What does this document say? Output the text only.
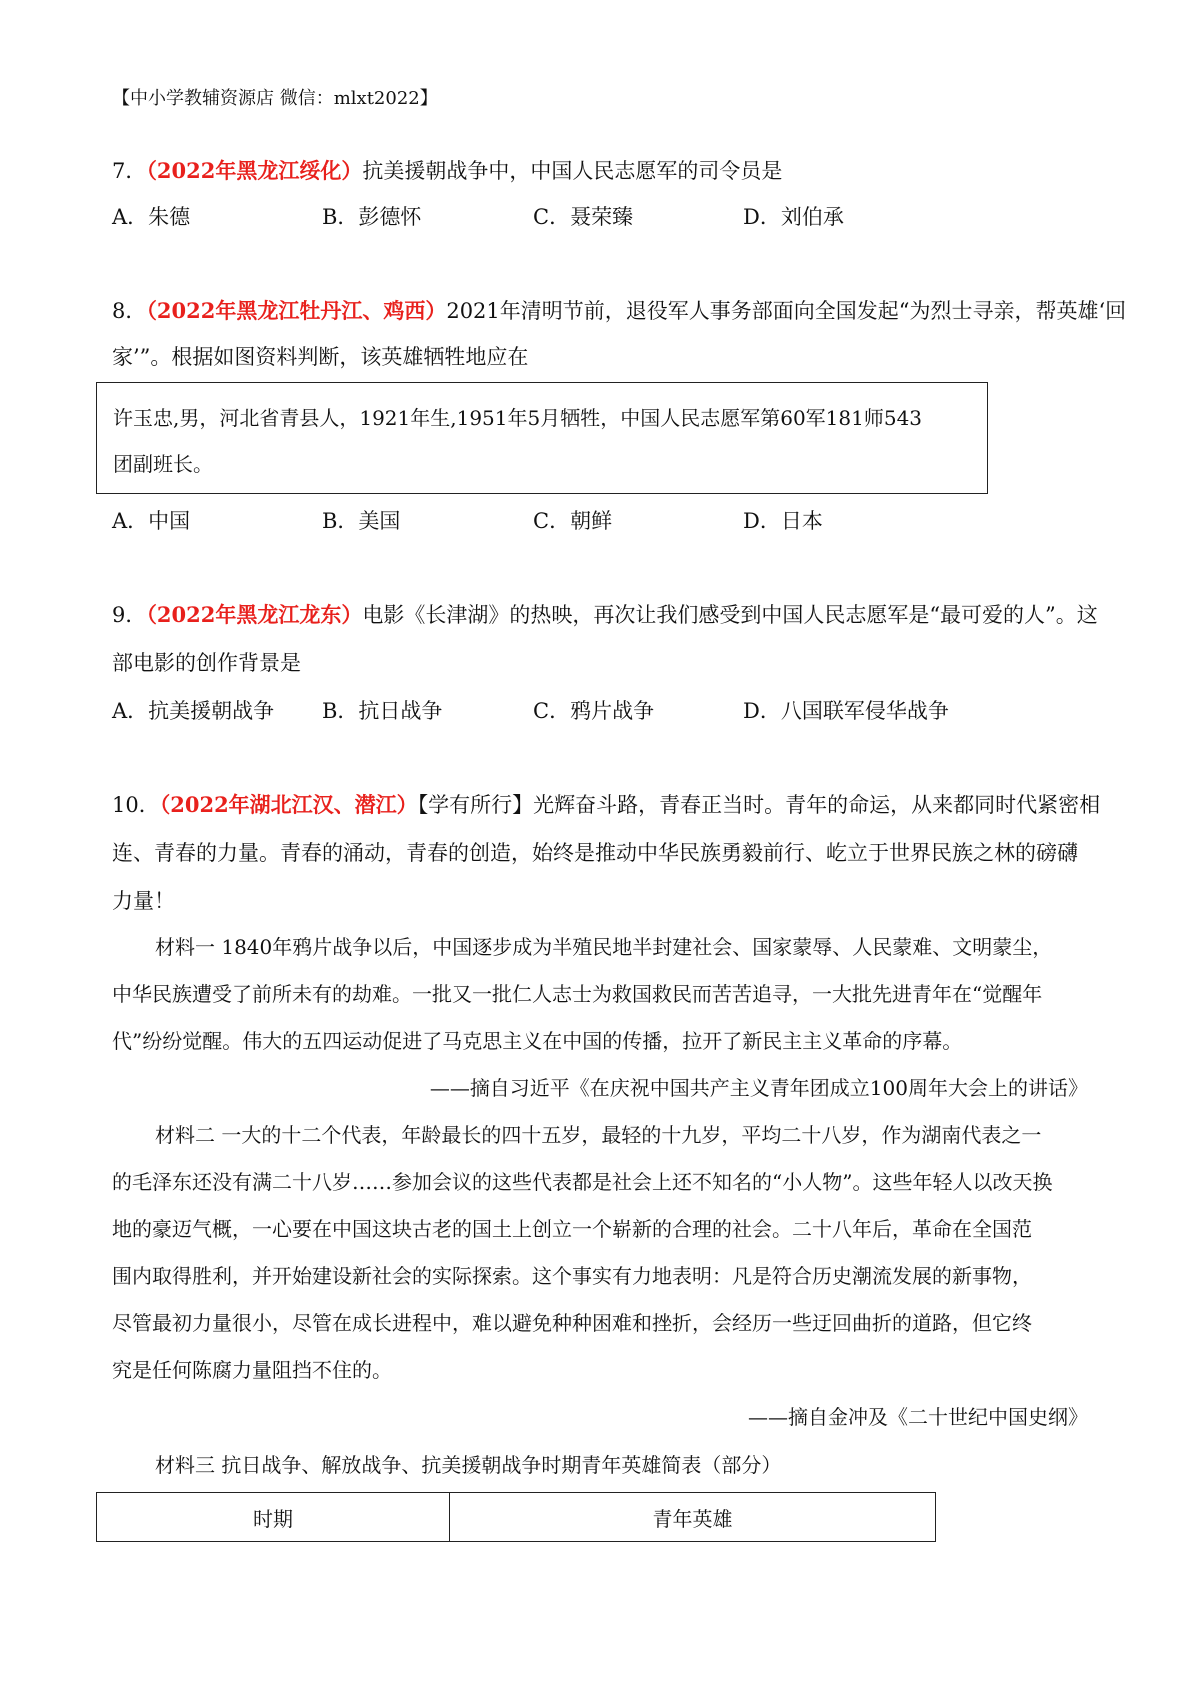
【中小学教辅资源店 微信：mlxt2022】
7．（2022年黑龙江绥化）抗美援朝战争中，中国人民志愿军的司令员是
A．朱德	B．彭德怀	C．聂荣臻	D．刘伯承
8．（2022年黑龙江牡丹江、鸡西）2021年清明节前，退役军人事务部面向全国发起“为烈士寻亲，帮英雄‘回
家’”。根据如图资料判断，该英雄牺牲地应在
许玉忠,男，河北省青县人，1921年生,1951年5月牺牲，中国人民志愿军第60军181师543
团副班长。
A．中国	B．美国	C．朝鲜	D．日本
9．（2022年黑龙江龙东）电影《长津湖》的热映，再次让我们感受到中国人民志愿军是“最可爱的人”。这
部电影的创作背景是
A．抗美援朝战争 B．抗日战争	C．鸦片战争	D．八国联军侵华战争
10．（2022年湖北江汉、潜江）【学有所行】光辉奋斗路，青春正当时。青年的命运，从来都同时代紧密相
连、青春的力量。青春的涌动，青春的创造，始终是推动中华民族勇毅前行、屹立于世界民族之林的磅礴
力量！
材料一 1840年鸦片战争以后，中国逐步成为半殖民地半封建社会、国家蒙辱、人民蒙难、文明蒙尘，
中华民族遭受了前所未有的劫难。一批又一批仁人志士为救国救民而苦苦追寻，一大批先进青年在“觉醒年
代”纷纷觉醒。伟大的五四运动促进了马克思主义在中国的传播，拉开了新民主主义革命的序幕。
——摘自习近平《在庆祝中国共产主义青年团成立100周年大会上的讲话》
材料二 一大的十二个代表，年龄最长的四十五岁，最轻的十九岁，平均二十八岁，作为湖南代表之一
的毛泽东还没有满二十八岁……参加会议的这些代表都是社会上还不知名的“小人物”。这些年轻人以改天换
地的豪迈气概，一心要在中国这块古老的国土上创立一个崭新的合理的社会。二十八年后，革命在全国范
围内取得胜利，并开始建设新社会的实际探索。这个事实有力地表明：凡是符合历史潮流发展的新事物，
尽管最初力量很小，尽管在成长进程中，难以避免种种困难和挫折，会经历一些迂回曲折的道路，但它终
究是任何陈腐力量阻挡不住的。
——摘自金冲及《二十世纪中国史纲》
材料三 抗日战争、解放战争、抗美援朝战争时期青年英雄简表（部分）
时期	青年英雄
